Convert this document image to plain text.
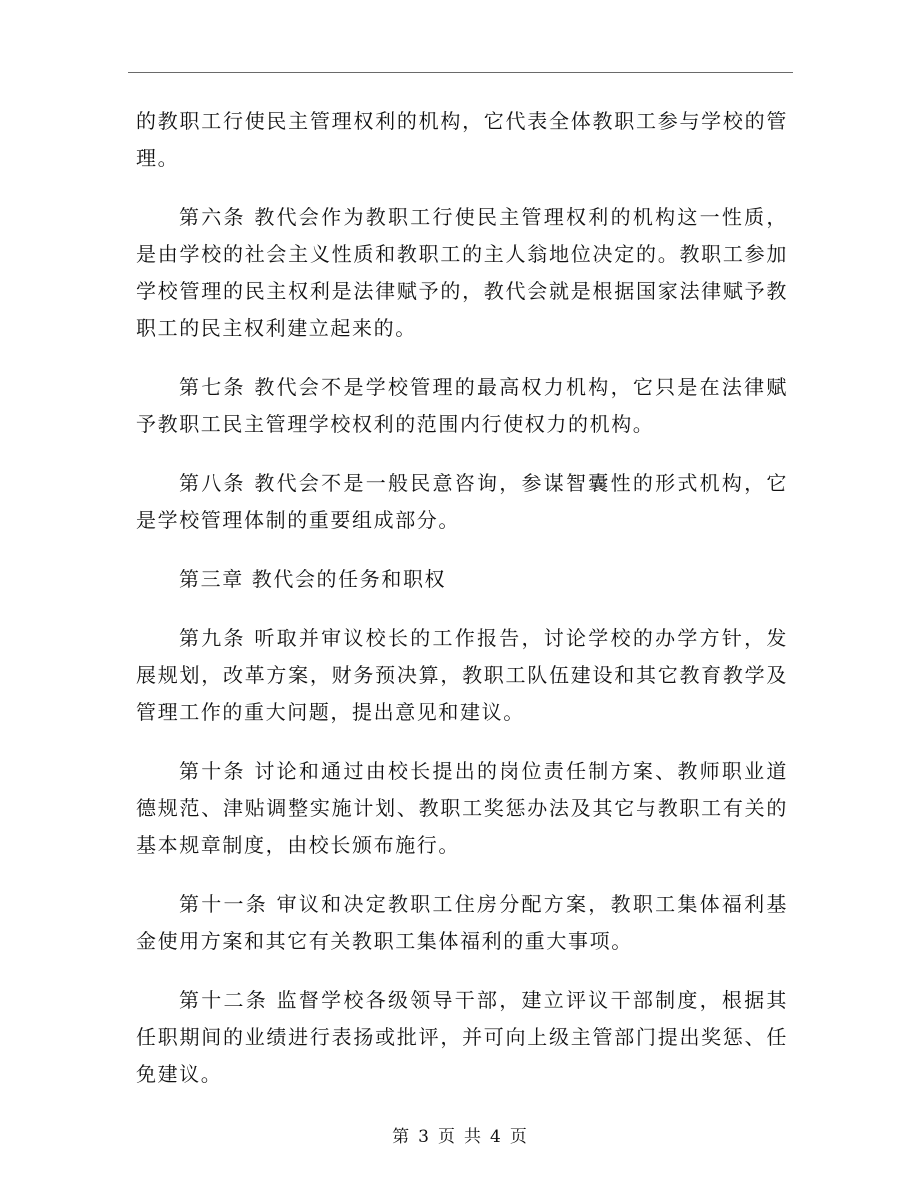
的教职工行使民主管理权利的机构，它代表全体教职工参与学校的管理。

第六条 教代会作为教职工行使民主管理权利的机构这一性质，是由学校的社会主义性质和教职工的主人翁地位决定的。教职工参加学校管理的民主权利是法律赋予的，教代会就是根据国家法律赋予教职工的民主权利建立起来的。

第七条 教代会不是学校管理的最高权力机构，它只是在法律赋予教职工民主管理学校权利的范围内行使权力的机构。

第八条 教代会不是一般民意咨询，参谋智囊性的形式机构，它是学校管理体制的重要组成部分。

第三章 教代会的任务和职权

第九条 听取并审议校长的工作报告，讨论学校的办学方针，发展规划，改革方案，财务预决算，教职工队伍建设和其它教育教学及管理工作的重大问题，提出意见和建议。

第十条 讨论和通过由校长提出的岗位责任制方案、教师职业道德规范、津贴调整实施计划、教职工奖惩办法及其它与教职工有关的基本规章制度，由校长颁布施行。

第十一条 审议和决定教职工住房分配方案，教职工集体福利基金使用方案和其它有关教职工集体福利的重大事项。

第十二条 监督学校各级领导干部，建立评议干部制度，根据其任职期间的业绩进行表扬或批评，并可向上级主管部门提出奖惩、任免建议。

第 3 页 共 4 页
